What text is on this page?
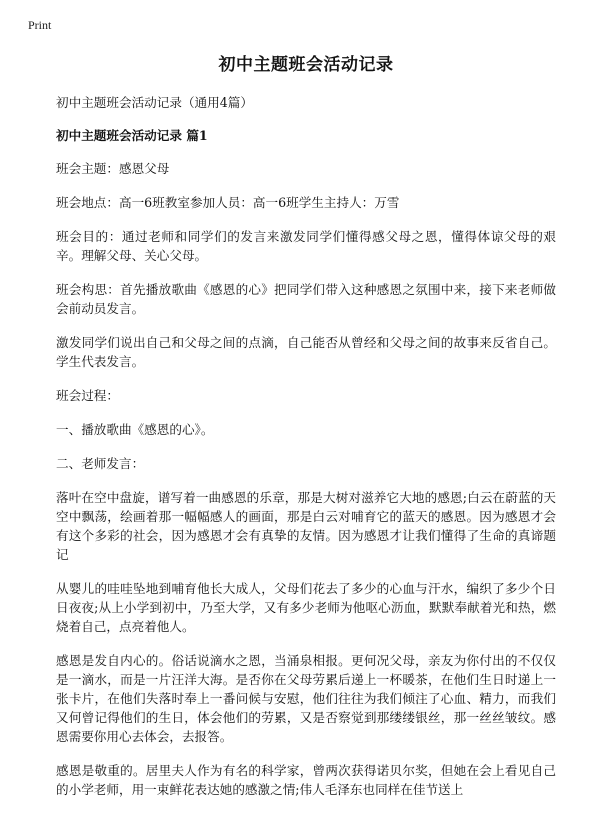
Print
初中主题班会活动记录
初中主题班会活动记录（通用4篇）
初中主题班会活动记录 篇1
班会主题：感恩父母
班会地点：高一6班教室参加人员：高一6班学生主持人：万雪
班会目的：通过老师和同学们的发言来激发同学们懂得感父母之恩，懂得体谅父母的艰辛。理解父母、关心父母。
班会构思：首先播放歌曲《感恩的心》把同学们带入这种感恩之氛围中来，接下来老师做会前动员发言。
激发同学们说出自己和父母之间的点滴，自己能否从曾经和父母之间的故事来反省自己。学生代表发言。
班会过程：
一、播放歌曲《感恩的心》。
二、老师发言：
落叶在空中盘旋，谱写着一曲感恩的乐章，那是大树对滋养它大地的感恩;白云在蔚蓝的天空中飘荡，绘画着那一幅幅感人的画面，那是白云对哺育它的蓝天的感恩。因为感恩才会有这个多彩的社会，因为感恩才会有真挚的友情。因为感恩才让我们懂得了生命的真谛题记
从婴儿的哇哇坠地到哺育他长大成人，父母们花去了多少的心血与汗水，编织了多少个日日夜夜;从上小学到初中，乃至大学，又有多少老师为他呕心沥血，默默奉献着光和热，燃烧着自己，点亮着他人。
感恩是发自内心的。俗话说滴水之恩，当涌泉相报。更何况父母，亲友为你付出的不仅仅是一滴水，而是一片汪洋大海。是否你在父母劳累后递上一杯暖茶，在他们生日时递上一张卡片，在他们失落时奉上一番问候与安慰，他们往往为我们倾注了心血、精力，而我们又何曾记得他们的生日，体会他们的劳累，又是否察觉到那缕缕银丝，那一丝丝皱纹。感恩需要你用心去体会，去报答。
感恩是敬重的。居里夫人作为有名的科学家，曾两次获得诺贝尔奖，但她在会上看见自己的小学老师，用一束鲜花表达她的感激之情;伟人毛泽东也同样在佳节送上
